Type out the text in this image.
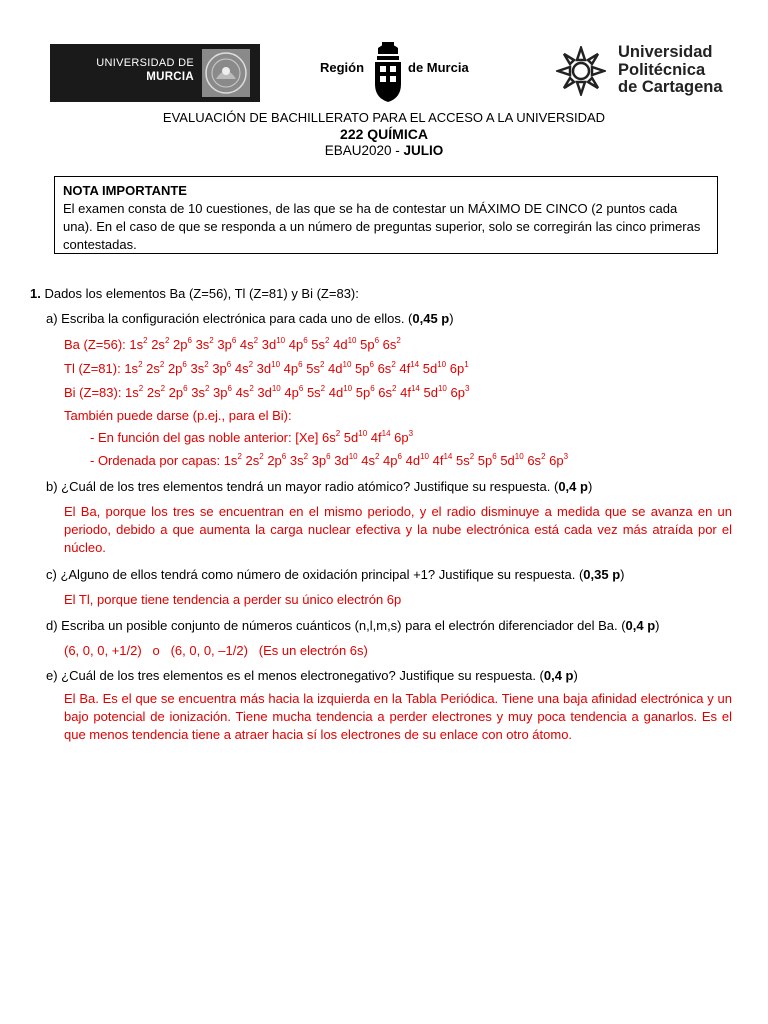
UNIVERSIDAD DE
MURCIA
Región	de Murcia
Universidad
Politécnica
de Cartagena
EVALUACIÓN DE BACHILLERATO PARA EL ACCESO A LA UNIVERSIDAD
222 QUÍMICA
EBAU2020 - JULIO
NOTA IMPORTANTE
El examen consta de 10 cuestiones, de las que se ha de contestar un MÁXIMO DE CINCO (2 puntos cada una). En el caso de que se responda a un número de preguntas superior, solo se corregirán las cinco primeras contestadas.
1. Dados los elementos Ba (Z=56), Tl (Z=81) y Bi (Z=83):
a) Escriba la configuración electrónica para cada uno de ellos. (0,45 p)
Ba (Z=56): $1s^2$ $2s^2$ $2p^6$ $3s^2$ $3p^6$ $4s^2$ $3d^{10}$ $4p^6$ $5s^2$ $4d^{10}$ $5p^6$ $6s^2$
Tl (Z=81): $1s^2$ $2s^2$ $2p^6$ $3s^2$ $3p^6$ $4s^2$ $3d^{10}$ $4p^6$ $5s^2$ $4d^{10}$ $5p^6$ $6s^2$ $4f^{14}$ $5d^{10}$ $6p^1$
Bi (Z=83): $1s^2$ $2s^2$ $2p^6$ $3s^2$ $3p^6$ $4s^2$ $3d^{10}$ $4p^6$ $5s^2$ $4d^{10}$ $5p^6$ $6s^2$ $4f^{14}$ $5d^{10}$ $6p^3$
También puede darse (p.ej., para el Bi):
- En función del gas noble anterior: [Xe] $6s^2$ $5d^{10}$ $4f^{14}$ $6p^3$
- Ordenada por capas: $1s^2$ $2s^2$ $2p^6$ $3s^2$ $3p^6$ $3d^{10}$ $4s^2$ $4p^6$ $4d^{10}$ $4f^{14}$ $5s^2$ $5p^6$ $5d^{10}$ $6s^2$ $6p^3$
b) ¿Cuál de los tres elementos tendrá un mayor radio atómico? Justifique su respuesta. (0,4 p)
El Ba, porque los tres se encuentran en el mismo periodo, y el radio disminuye a medida que se avanza en un periodo, debido a que aumenta la carga nuclear efectiva y la nube electrónica está cada vez más atraída por el núcleo.
c) ¿Alguno de ellos tendrá como número de oxidación principal +1? Justifique su respuesta. (0,35 p)
El Tl, porque tiene tendencia a perder su único electrón 6p
d) Escriba un posible conjunto de números cuánticos (n,l,m,s) para el electrón diferenciador del Ba. (0,4 p)
(6, 0, 0, +1/2)   o   (6, 0, 0, –1/2)   (Es un electrón 6s)
e) ¿Cuál de los tres elementos es el menos electronegativo? Justifique su respuesta. (0,4 p)
El Ba. Es el que se encuentra más hacia la izquierda en la Tabla Periódica. Tiene una baja afinidad electrónica y un bajo potencial de ionización. Tiene mucha tendencia a perder electrones y muy poca tendencia a ganarlos. Es el que menos tendencia tiene a atraer hacia sí los electrones de su enlace con otro átomo.
